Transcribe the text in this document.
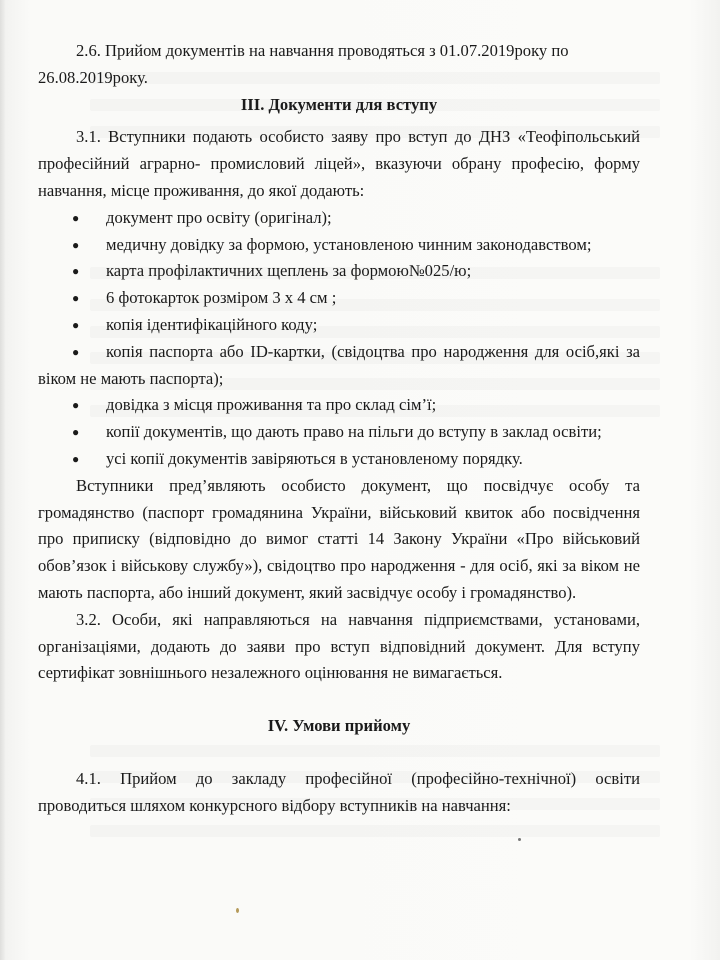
2.6. Прийом документів на навчання проводяться з 01.07.2019року по

26.08.2019року.

ІІІ. Документи для вступу

3.1. Вступники подають особисто заяву про вступ до ДНЗ «Теофіпольський професійний аграрно- промисловий ліцей», вказуючи обрану професію, форму навчання, місце проживання, до якої додають:

● документ про освіту (оригінал);
● медичну довідку за формою, установленою чинним законодавством;
● карта профілактичних щеплень за формою№025/ю;
● 6 фотокарток розміром 3 х 4 см ;
● копія ідентифікаційного коду;
● копія паспорта або ID-картки, (свідоцтва про народження для осіб,які за віком не мають паспорта);
● довідка з місця проживання та про склад сім’ї;
● копії документів, що дають право на пільги до вступу в заклад освіти;
● усі копії документів завіряються в установленому порядку.

Вступники пред’являють особисто документ, що посвідчує особу та громадянство (паспорт громадянина України, військовий квиток або посвідчення про приписку (відповідно до вимог статті 14 Закону України «Про військовий обов’язок і військову службу»), свідоцтво про народження - для осіб, які за віком не мають паспорта, або інший документ, який засвідчує особу і громадянство).

3.2. Особи, які направляються на навчання підприємствами, установами, організаціями, додають до заяви про вступ відповідний документ. Для вступу сертифікат зовнішнього незалежного оцінювання не вимагається.

IV. Умови прийому

4.1. Прийом до закладу професійної (професійно-технічної) освіти проводиться шляхом конкурсного відбору вступників на навчання:
